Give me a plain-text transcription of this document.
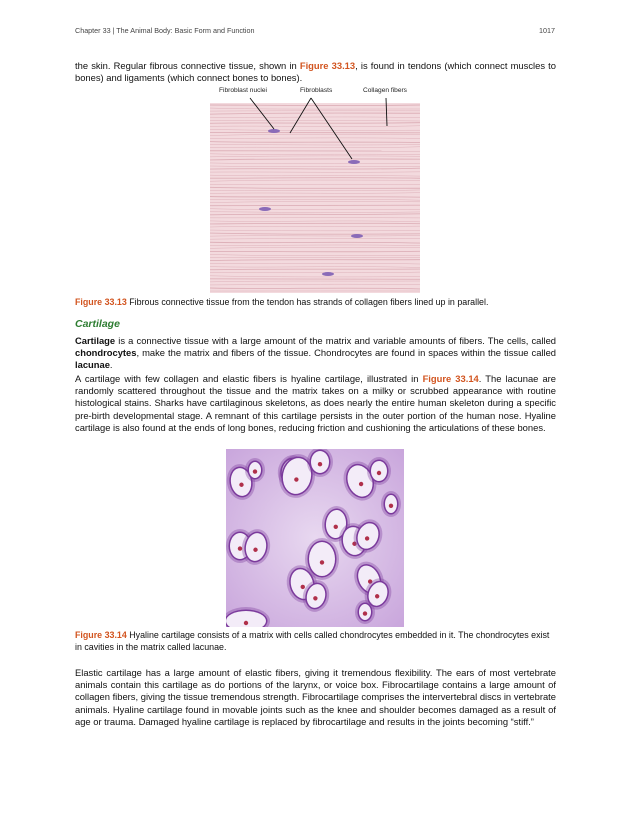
Chapter 33 | The Animal Body: Basic Form and Function	1017
the skin. Regular fibrous connective tissue, shown in Figure 33.13, is found in tendons (which connect muscles to bones) and ligaments (which connect bones to bones).
Fibroblast nuclei	Fibroblasts	Collagen fibers
Figure 33.13 Fibrous connective tissue from the tendon has strands of collagen fibers lined up in parallel.
Cartilage
Cartilage is a connective tissue with a large amount of the matrix and variable amounts of fibers. The cells, called chondrocytes, make the matrix and fibers of the tissue. Chondrocytes are found in spaces within the tissue called lacunae.
A cartilage with few collagen and elastic fibers is hyaline cartilage, illustrated in Figure 33.14. The lacunae are randomly scattered throughout the tissue and the matrix takes on a milky or scrubbed appearance with routine histological stains. Sharks have cartilaginous skeletons, as does nearly the entire human skeleton during a specific pre-birth developmental stage. A remnant of this cartilage persists in the outer portion of the human nose. Hyaline cartilage is also found at the ends of long bones, reducing friction and cushioning the articulations of these bones.
Figure 33.14 Hyaline cartilage consists of a matrix with cells called chondrocytes embedded in it. The chondrocytes exist in cavities in the matrix called lacunae.
Elastic cartilage has a large amount of elastic fibers, giving it tremendous flexibility. The ears of most vertebrate animals contain this cartilage as do portions of the larynx, or voice box. Fibrocartilage contains a large amount of collagen fibers, giving the tissue tremendous strength. Fibrocartilage comprises the intervertebral discs in vertebrate animals. Hyaline cartilage found in movable joints such as the knee and shoulder becomes damaged as a result of age or trauma. Damaged hyaline cartilage is replaced by fibrocartilage and results in the joints becoming “stiff.”
